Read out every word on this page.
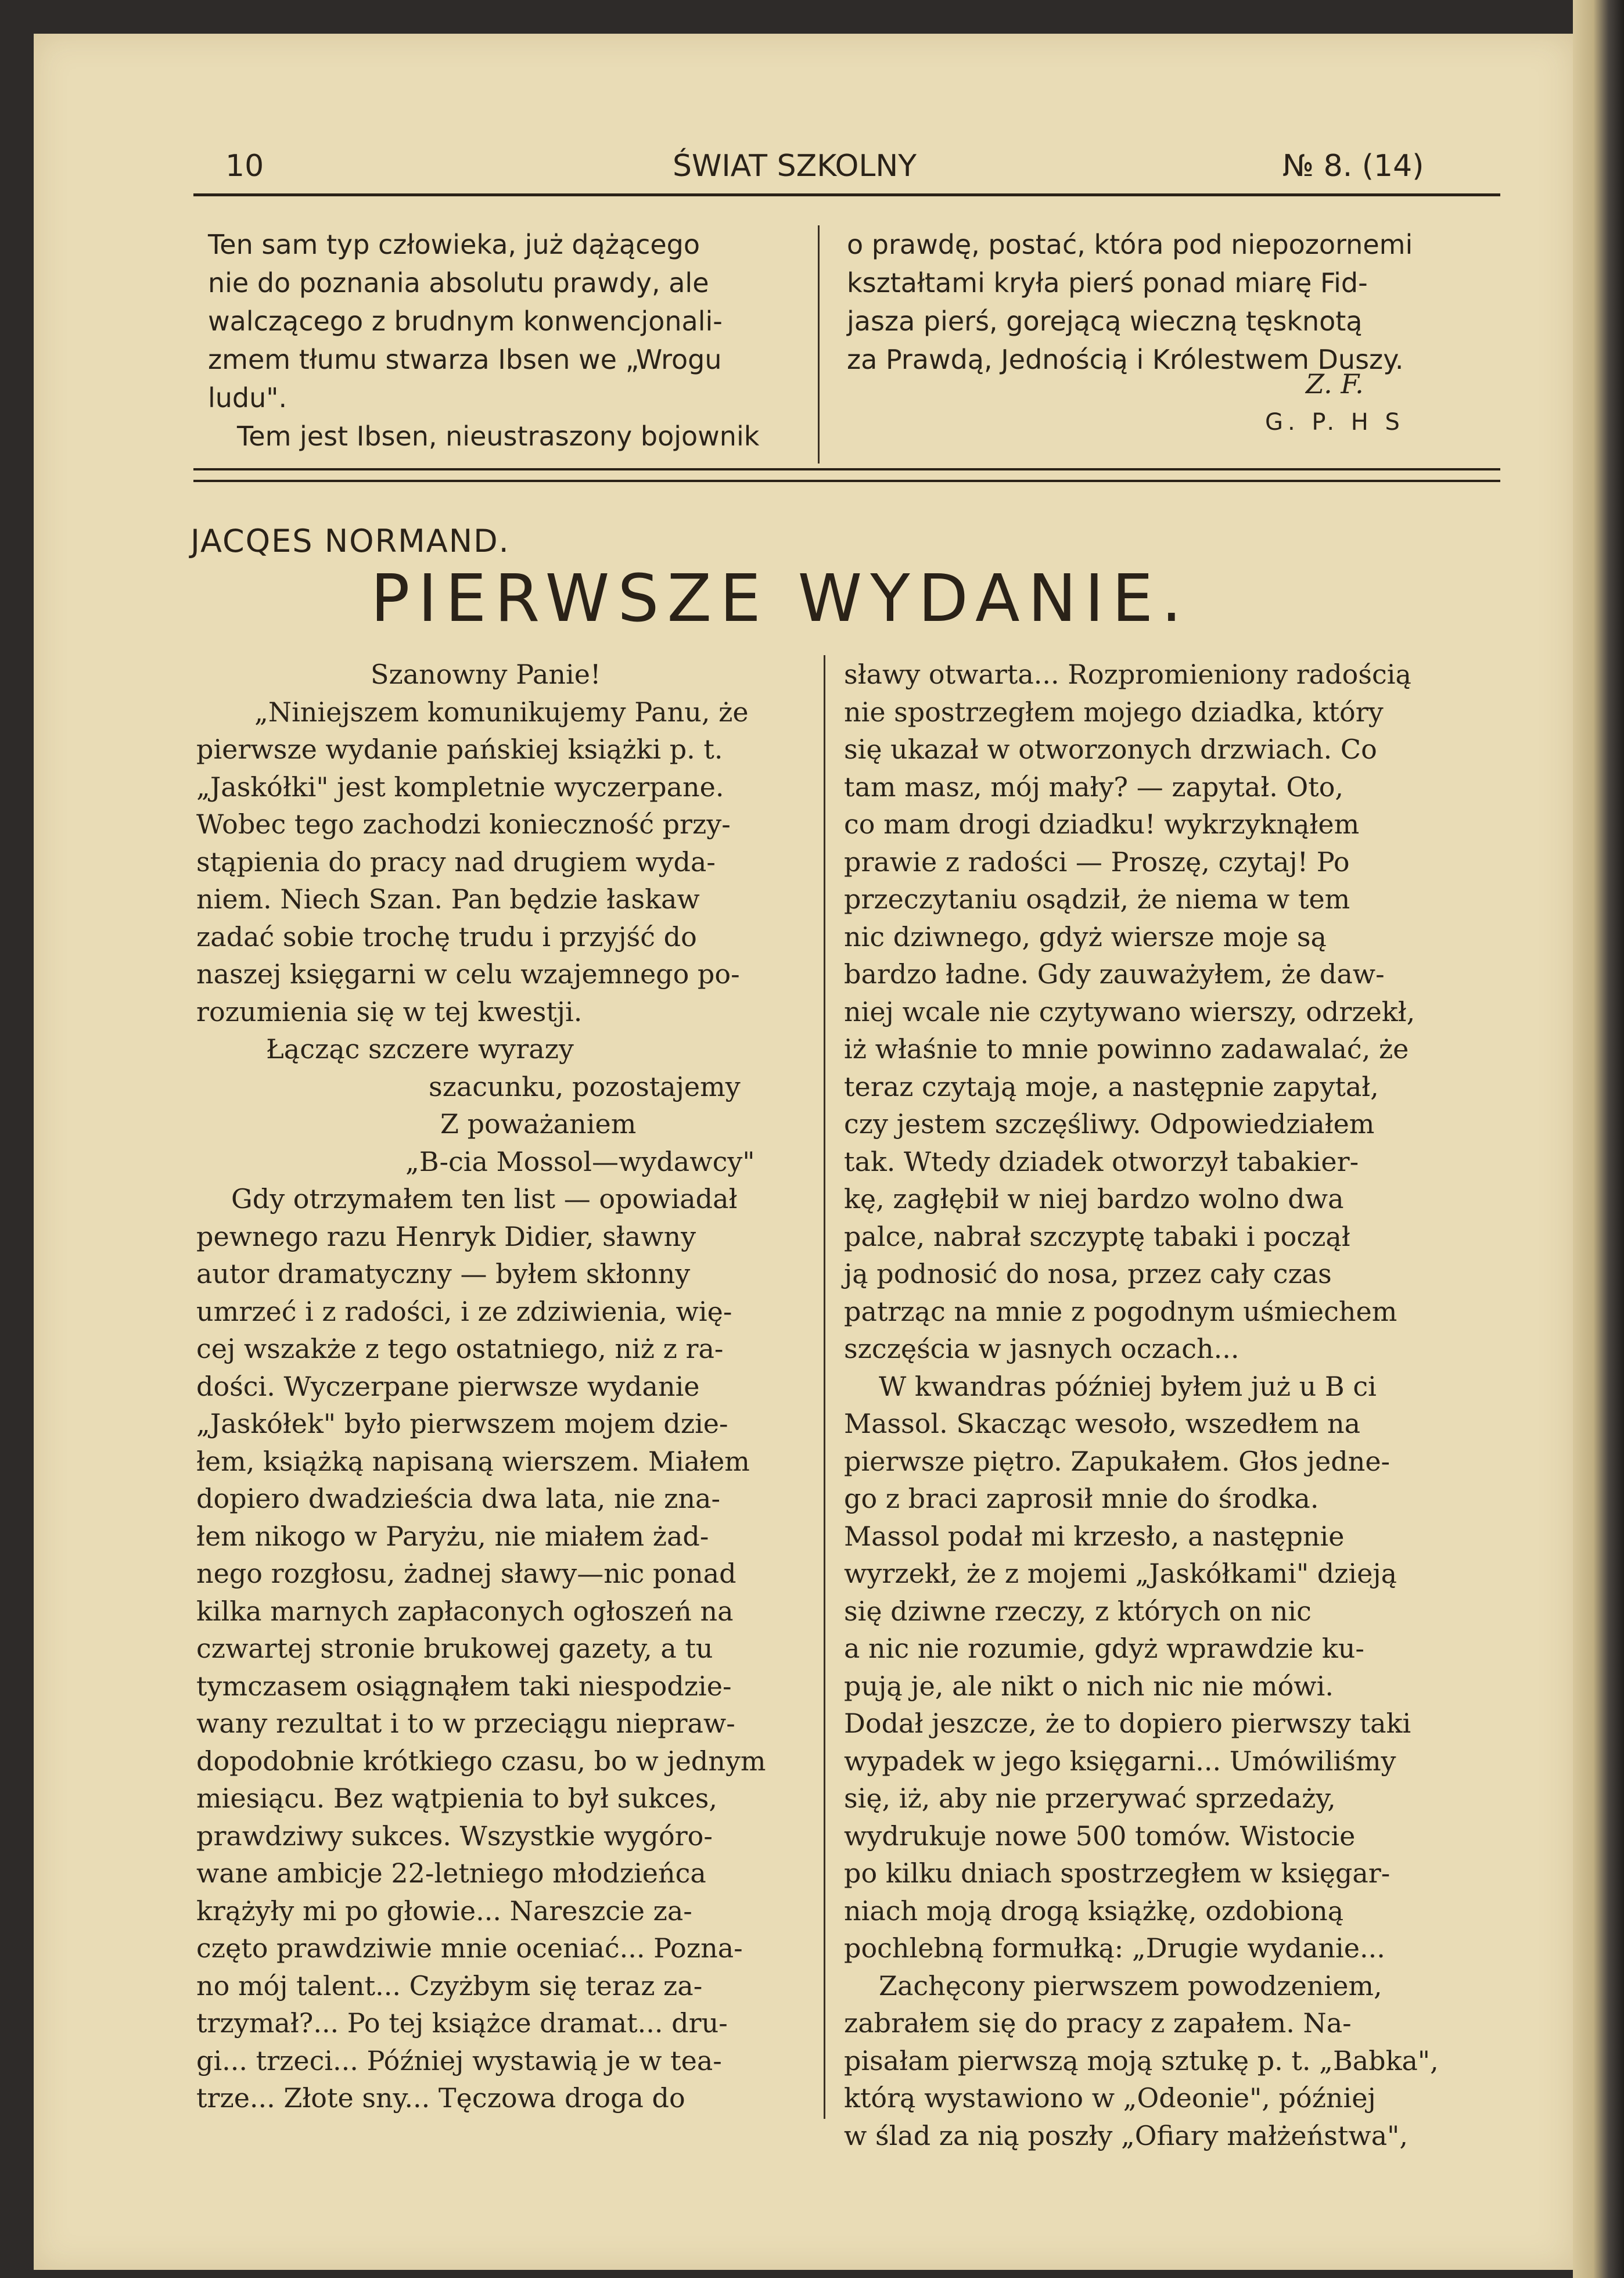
10	ŚWIAT SZKOLNY	№ 8. (14)
Ten sam typ człowieka, już dążącego
nie do poznania absolutu prawdy, ale
walczącego z brudnym konwencjonali-
zmem tłumu stwarza Ibsen we „Wrogu
ludu".
Tem jest Ibsen, nieustraszony bojownik
o prawdę, postać, która pod niepozornemi
kształtami kryła pierś ponad miarę Fid-
jasza pierś, gorejącą wieczną tęsknotą
za Prawdą, Jednością i Królestwem Duszy.
Z. F.
G. P. H S
JACQES NORMAND.
PIERWSZE WYDANIE.
Szanowny Panie!
„Niniejszem komunikujemy Panu, że
pierwsze wydanie pańskiej książki p. t.
„Jaskółki" jest kompletnie wyczerpane.
Wobec tego zachodzi konieczność przy-
stąpienia do pracy nad drugiem wyda-
niem. Niech Szan. Pan będzie łaskaw
zadać sobie trochę trudu i przyjść do
naszej księgarni w celu wzajemnego po-
rozumienia się w tej kwestji.
Łącząc szczere wyrazy
szacunku, pozostajemy
Z poważaniem
„B-cia Mossol—wydawcy"
Gdy otrzymałem ten list — opowiadał
pewnego razu Henryk Didier, sławny
autor dramatyczny — byłem skłonny
umrzeć i z radości, i ze zdziwienia, wię-
cej wszakże z tego ostatniego, niż z ra-
dości. Wyczerpane pierwsze wydanie
„Jaskółek" było pierwszem mojem dzie-
łem, książką napisaną wierszem. Miałem
dopiero dwadzieścia dwa lata, nie zna-
łem nikogo w Paryżu, nie miałem żad-
nego rozgłosu, żadnej sławy—nic ponad
kilka marnych zapłaconych ogłoszeń na
czwartej stronie brukowej gazety, a tu
tymczasem osiągnąłem taki niespodzie-
wany rezultat i to w przeciągu niepraw-
dopodobnie krótkiego czasu, bo w jednym
miesiącu. Bez wątpienia to był sukces,
prawdziwy sukces. Wszystkie wygóro-
wane ambicje 22-letniego młodzieńca
krążyły mi po głowie... Nareszcie za-
częto prawdziwie mnie oceniać... Pozna-
no mój talent... Czyżbym się teraz za-
trzymał?... Po tej książce dramat... dru-
gi... trzeci... Później wystawią je w tea-
trze... Złote sny... Tęczowa droga do
sławy otwarta... Rozpromieniony radością
nie spostrzegłem mojego dziadka, który
się ukazał w otworzonych drzwiach. Co
tam masz, mój mały? — zapytał. Oto,
co mam drogi dziadku! wykrzyknąłem
prawie z radości — Proszę, czytaj! Po
przeczytaniu osądził, że niema w tem
nic dziwnego, gdyż wiersze moje są
bardzo ładne. Gdy zauważyłem, że daw-
niej wcale nie czytywano wierszy, odrzekł,
iż właśnie to mnie powinno zadawalać, że
teraz czytają moje, a następnie zapytał,
czy jestem szczęśliwy. Odpowiedziałem
tak. Wtedy dziadek otworzył tabakier-
kę, zagłębił w niej bardzo wolno dwa
palce, nabrał szczyptę tabaki i począł
ją podnosić do nosa, przez cały czas
patrząc na mnie z pogodnym uśmiechem
szczęścia w jasnych oczach...
W kwandras później byłem już u B ci
Massol. Skacząc wesoło, wszedłem na
pierwsze piętro. Zapukałem. Głos jedne-
go z braci zaprosił mnie do środka.
Massol podał mi krzesło, a następnie
wyrzekł, że z mojemi „Jaskółkami" dzieją
się dziwne rzeczy, z których on nic
a nic nie rozumie, gdyż wprawdzie ku-
pują je, ale nikt o nich nic nie mówi.
Dodał jeszcze, że to dopiero pierwszy taki
wypadek w jego księgarni... Umówiliśmy
się, iż, aby nie przerywać sprzedaży,
wydrukuje nowe 500 tomów. Wistocie
po kilku dniach spostrzegłem w księgar-
niach moją drogą książkę, ozdobioną
pochlebną formułką: „Drugie wydanie...
Zachęcony pierwszem powodzeniem,
zabrałem się do pracy z zapałem. Na-
pisałam pierwszą moją sztukę p. t. „Babka",
którą wystawiono w „Odeonie", później
w ślad za nią poszły „Ofiary małżeństwa",
